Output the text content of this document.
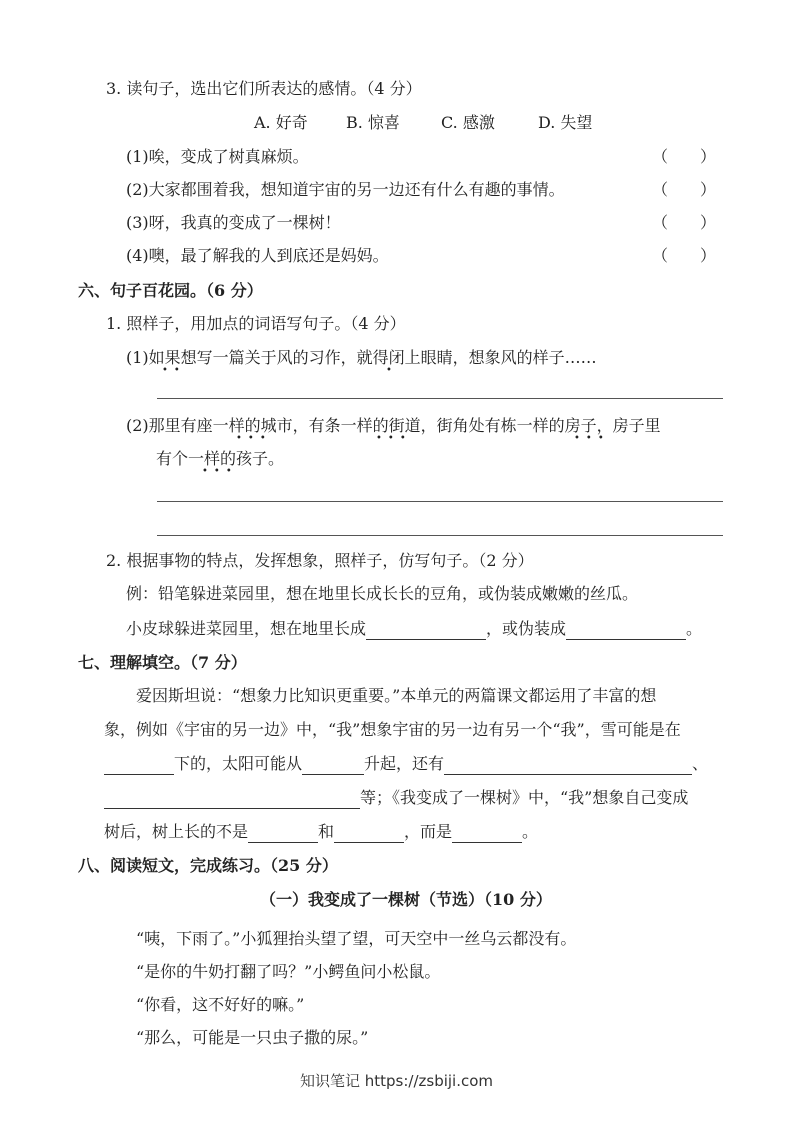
3. 读句子，选出它们所表达的感情。（4 分）
A. 好奇 B. 惊喜	C. 感激	D. 失望
(1)唉，变成了树真麻烦。	（　　）
(2)大家都围着我，想知道宇宙的另一边还有什么有趣的事情。	（　　）
(3)呀，我真的变成了一棵树！	（　　）
(4)噢，最了解我的人到底还是妈妈。	（　　）
六、句子百花园。（6 分）
1. 照样子，用加点的词语写句子。（4 分）
(1)如果想写一篇关于风的习作，就得闭上眼睛，想象风的样子……
••	•
(2)那里有座一样的城市，有条一样的街道，街角处有栋一样的房子，房子里
•••	•••	•••
有个一样的孩子。
•••
2. 根据事物的特点，发挥想象，照样子，仿写句子。（2 分）
例：铅笔躲进菜园里，想在地里长成长长的豆角，或伪装成嫩嫩的丝瓜。
小皮球躲进菜园里，想在地里长成	，或伪装成	。
七、理解填空。（7 分）
爱因斯坦说：“想象力比知识更重要。”本单元的两篇课文都运用了丰富的想
象，例如《宇宙的另一边》中，“我”想象宇宙的另一边有另一个“我”，雪可能是在
下的，太阳可能从	升起，还有	、
等；《我变成了一棵树》中，“我”想象自己变成
树后，树上长的不是	和	，而是	。
八、阅读短文，完成练习。（25 分）
（一）我变成了一棵树（节选）（10 分）
“咦，下雨了。”小狐狸抬头望了望，可天空中一丝乌云都没有。
“是你的牛奶打翻了吗？”小鳄鱼问小松鼠。
“你看，这不好好的嘛。”
“那么，可能是一只虫子撒的尿。”
知识笔记 https://zsbiji.com
